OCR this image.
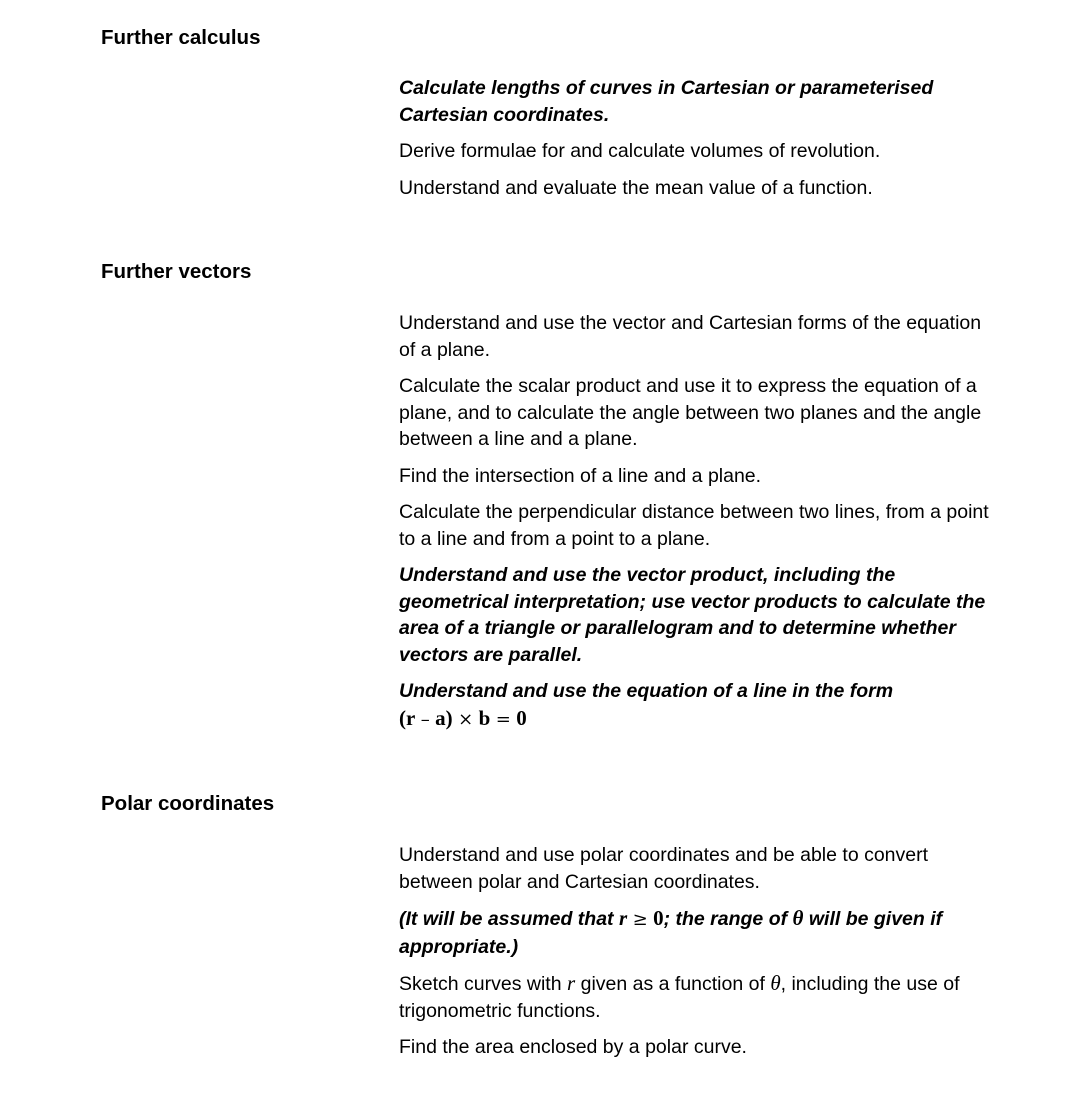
Further calculus

Calculate lengths of curves in Cartesian or parameterised Cartesian coordinates.

Derive formulae for and calculate volumes of revolution.

Understand and evaluate the mean value of a function.

Further vectors

Understand and use the vector and Cartesian forms of the equation of a plane.

Calculate the scalar product and use it to express the equation of a plane, and to calculate the angle between two planes and the angle between a line and a plane.

Find the intersection of a line and a plane.

Calculate the perpendicular distance between two lines, from a point to a line and from a point to a plane.

Understand and use the vector product, including the geometrical interpretation; use vector products to calculate the area of a triangle or parallelogram and to determine whether vectors are parallel.

Understand and use the equation of a line in the form
(r – a) × b = 0

Polar coordinates

Understand and use polar coordinates and be able to convert between polar and Cartesian coordinates.

(It will be assumed that r ≥ 0; the range of θ will be given if appropriate.)

Sketch curves with r given as a function of θ, including the use of trigonometric functions.

Find the area enclosed by a polar curve.
